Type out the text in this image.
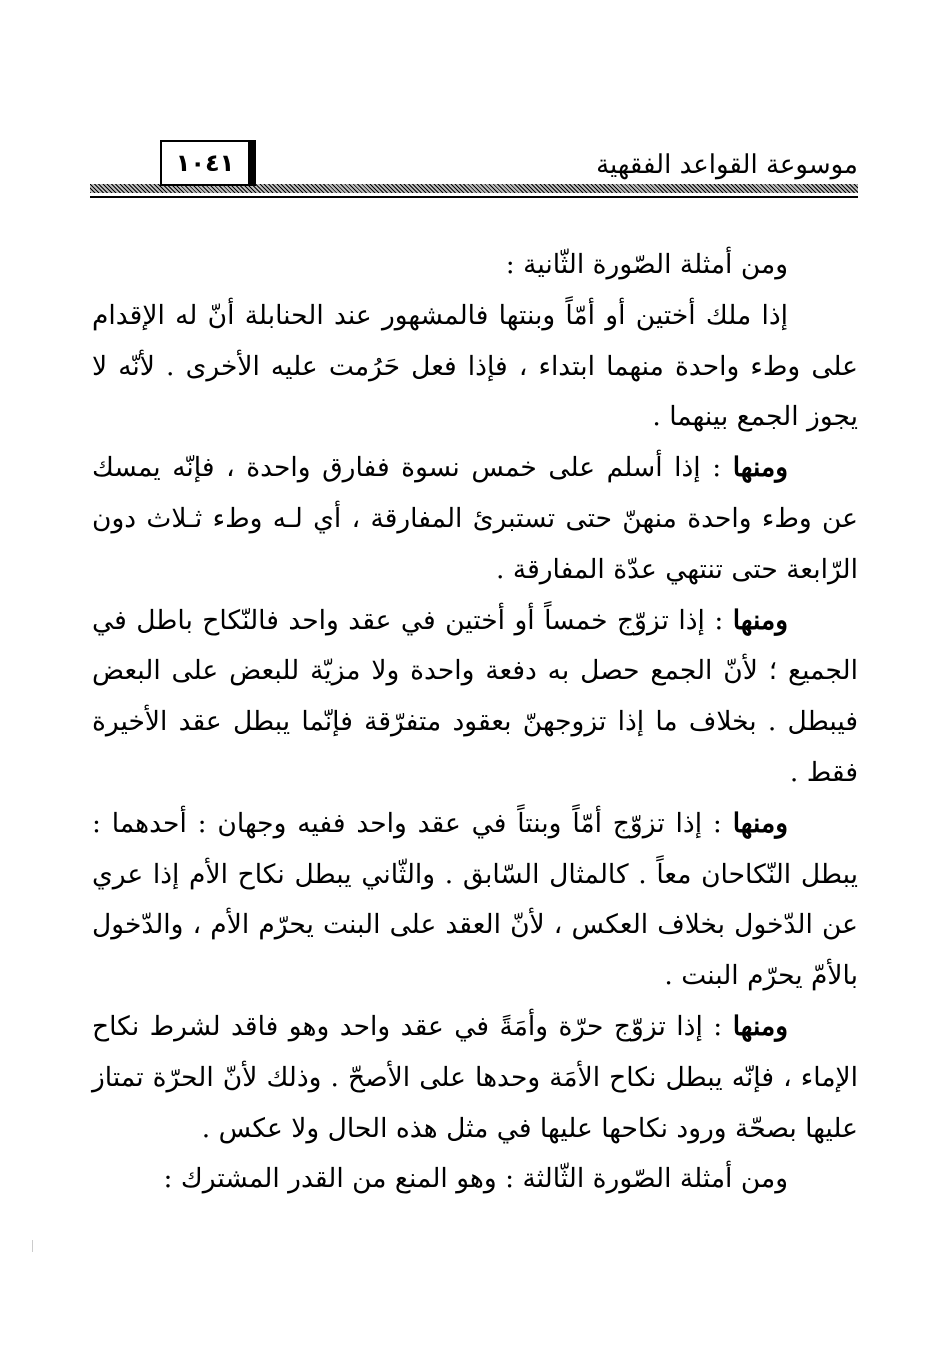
موسوعة القواعد الفقهية
١٠٤١

ومن أمثلة الصّورة الثّانية :

إذا ملك أختين أو أمّاً وبنتها فالمشهور عند الحنابلة أنّ له الإقدام على وطء واحدة منهما ابتداء ، فإذا فعل حَرُمت عليه الأخرى . لأنّه لا يجوز الجمع بينهما .

ومنها : إذا أسلم على خمس نسوة ففارق واحدة ، فإنّه يمسك عن وطء واحدة منهنّ حتى تستبرئ المفارقة ، أي لـه وطء ثـلاث دون الرّابعة حتى تنتهي عدّة المفارقة .

ومنها : إذا تزوّج خمساً أو أختين في عقد واحد فالنّكاح باطل في الجميع ؛ لأنّ الجمع حصل به دفعة واحدة ولا مزيّة للبعض على البعض فيبطل . بخلاف ما إذا تزوجهنّ بعقود متفرّقة فإنّما يبطل عقد الأخيرة فقط .

ومنها : إذا تزوّج أمّاً وبنتاً في عقد واحد ففيه وجهان : أحدهما : يبطل النّكاحان معاً . كالمثال السّابق . والثّاني يبطل نكاح الأم إذا عري عن الدّخول بخلاف العكس ، لأنّ العقد على البنت يحرّم الأم ، والدّخول بالأمّ يحرّم البنت .

ومنها : إذا تزوّج حرّة وأمَةً في عقد واحد وهو فاقد لشرط نكاح الإماء ، فإنّه يبطل نكاح الأمَة وحدها على الأصحّ . وذلك لأنّ الحرّة تمتاز عليها بصحّة ورود نكاحها عليها في مثل هذه الحال ولا عكس .

ومن أمثلة الصّورة الثّالثة : وهو المنع من القدر المشترك :
